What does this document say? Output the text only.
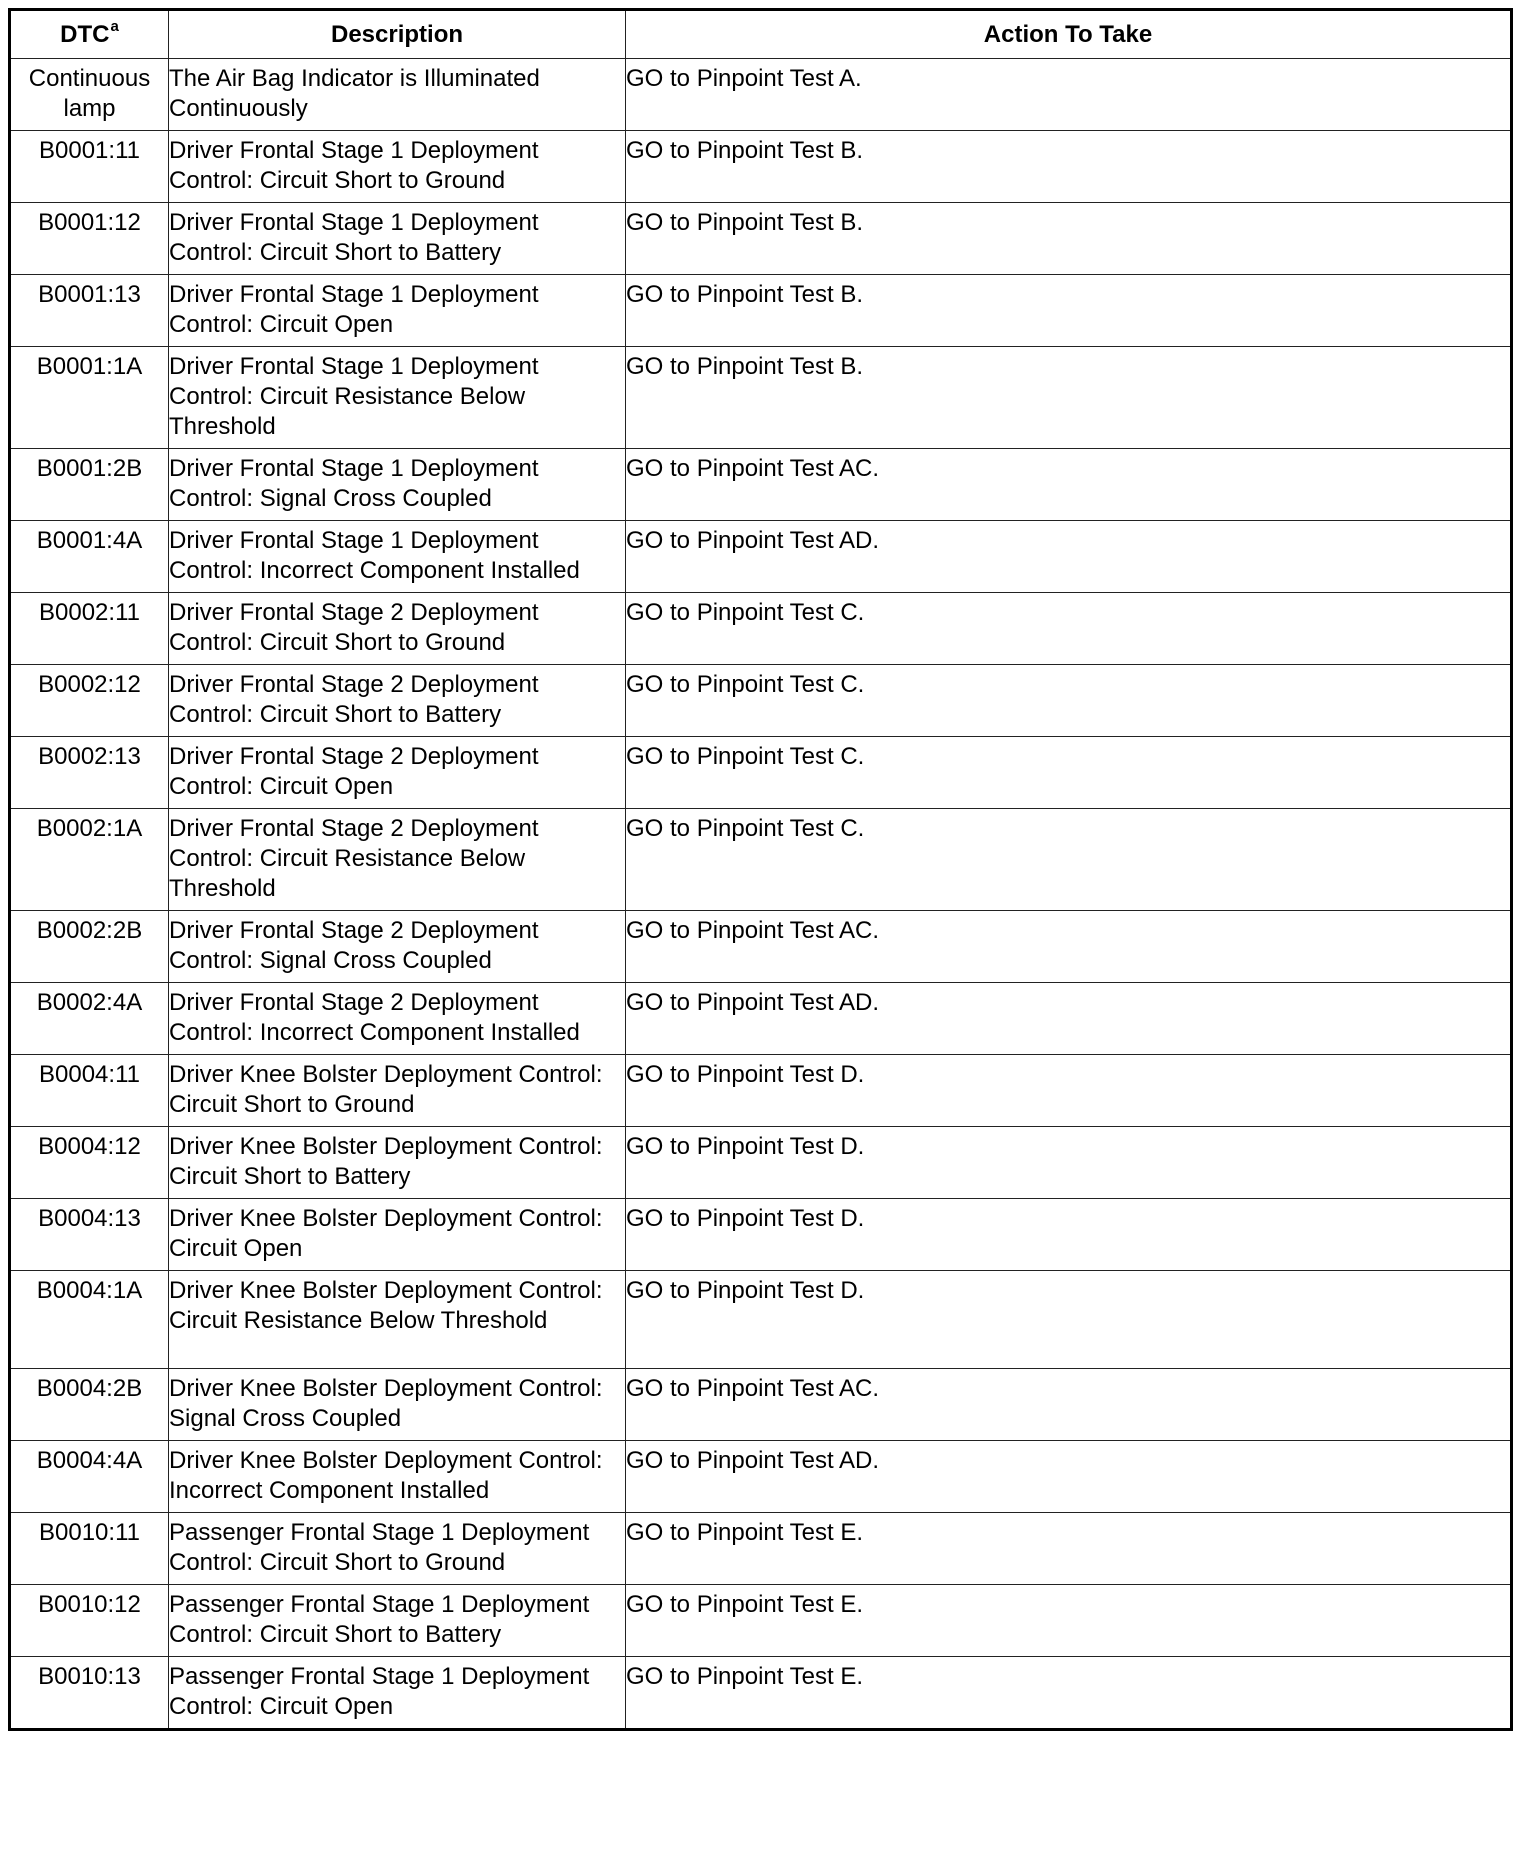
DTC$^a$	Description	Action To Take
Continuous lamp	The Air Bag Indicator is Illuminated Continuously	GO to Pinpoint Test A.
B0001:11	Driver Frontal Stage 1 Deployment Control: Circuit Short to Ground	GO to Pinpoint Test B.
B0001:12	Driver Frontal Stage 1 Deployment Control: Circuit Short to Battery	GO to Pinpoint Test B.
B0001:13	Driver Frontal Stage 1 Deployment Control: Circuit Open	GO to Pinpoint Test B.
B0001:1A	Driver Frontal Stage 1 Deployment Control: Circuit Resistance Below Threshold	GO to Pinpoint Test B.
B0001:2B	Driver Frontal Stage 1 Deployment Control: Signal Cross Coupled	GO to Pinpoint Test AC.
B0001:4A	Driver Frontal Stage 1 Deployment Control: Incorrect Component Installed	GO to Pinpoint Test AD.
B0002:11	Driver Frontal Stage 2 Deployment Control: Circuit Short to Ground	GO to Pinpoint Test C.
B0002:12	Driver Frontal Stage 2 Deployment Control: Circuit Short to Battery	GO to Pinpoint Test C.
B0002:13	Driver Frontal Stage 2 Deployment Control: Circuit Open	GO to Pinpoint Test C.
B0002:1A	Driver Frontal Stage 2 Deployment Control: Circuit Resistance Below Threshold	GO to Pinpoint Test C.
B0002:2B	Driver Frontal Stage 2 Deployment Control: Signal Cross Coupled	GO to Pinpoint Test AC.
B0002:4A	Driver Frontal Stage 2 Deployment Control: Incorrect Component Installed	GO to Pinpoint Test AD.
B0004:11	Driver Knee Bolster Deployment Control: Circuit Short to Ground	GO to Pinpoint Test D.
B0004:12	Driver Knee Bolster Deployment Control: Circuit Short to Battery	GO to Pinpoint Test D.
B0004:13	Driver Knee Bolster Deployment Control: Circuit Open	GO to Pinpoint Test D.
B0004:1A	Driver Knee Bolster Deployment Control: Circuit Resistance Below Threshold	GO to Pinpoint Test D.
B0004:2B	Driver Knee Bolster Deployment Control: Signal Cross Coupled	GO to Pinpoint Test AC.
B0004:4A	Driver Knee Bolster Deployment Control: Incorrect Component Installed	GO to Pinpoint Test AD.
B0010:11	Passenger Frontal Stage 1 Deployment Control: Circuit Short to Ground	GO to Pinpoint Test E.
B0010:12	Passenger Frontal Stage 1 Deployment Control: Circuit Short to Battery	GO to Pinpoint Test E.
B0010:13	Passenger Frontal Stage 1 Deployment Control: Circuit Open	GO to Pinpoint Test E.
